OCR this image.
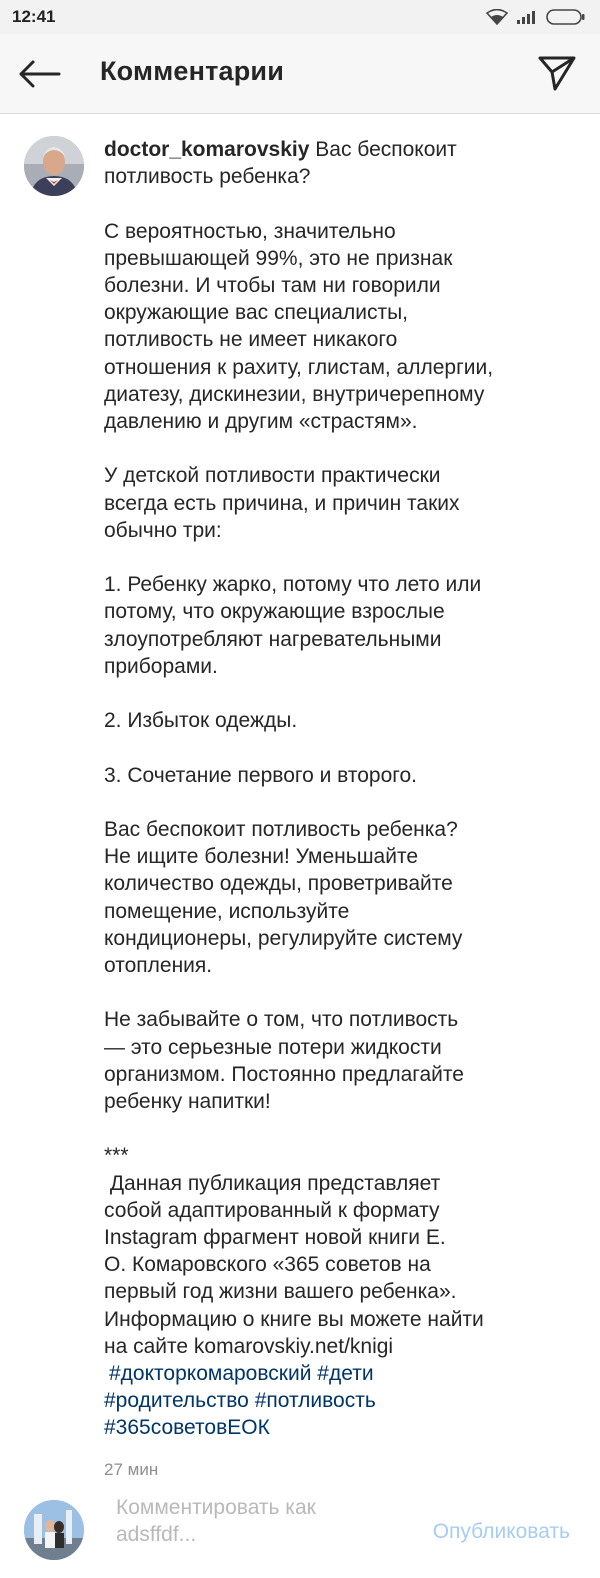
12:41
Комментарии
doctor_komarovskiy Вас беспокоит
потливость ребенка?
С вероятностью, значительно
превышающей 99%, это не признак
болезни. И чтобы там ни говорили
окружающие вас специалисты,
потливость не имеет никакого
отношения к рахиту, глистам, аллергии,
диатезу, дискинезии, внутричерепному
давлению и другим «страстям».
У детской потливости практически
всегда есть причина, и причин таких
обычно три:
1. Ребенку жарко, потому что лето или
потому, что окружающие взрослые
злоупотребляют нагревательными
приборами.
2. Избыток одежды.
3. Сочетание первого и второго.
Вас беспокоит потливость ребенка?
Не ищите болезни! Уменьшайте
количество одежды, проветривайте
помещение, используйте
кондиционеры, регулируйте систему
отопления.
Не забывайте о том, что потливость
— это серьезные потери жидкости
организмом. Постоянно предлагайте
ребенку напитки!
***
Данная публикация представляет
собой адаптированный к формату
Instagram фрагмент новой книги Е.
О. Комаровского «365 советов на
первый год жизни вашего ребенка».
Информацию о книге вы можете найти
на сайте komarovskiy.net/knigi
#докторкомаровский #дети
#родительство #потливость
#365советовЕОК
27 мин
Комментировать как adsffdf...
Опубликовать
